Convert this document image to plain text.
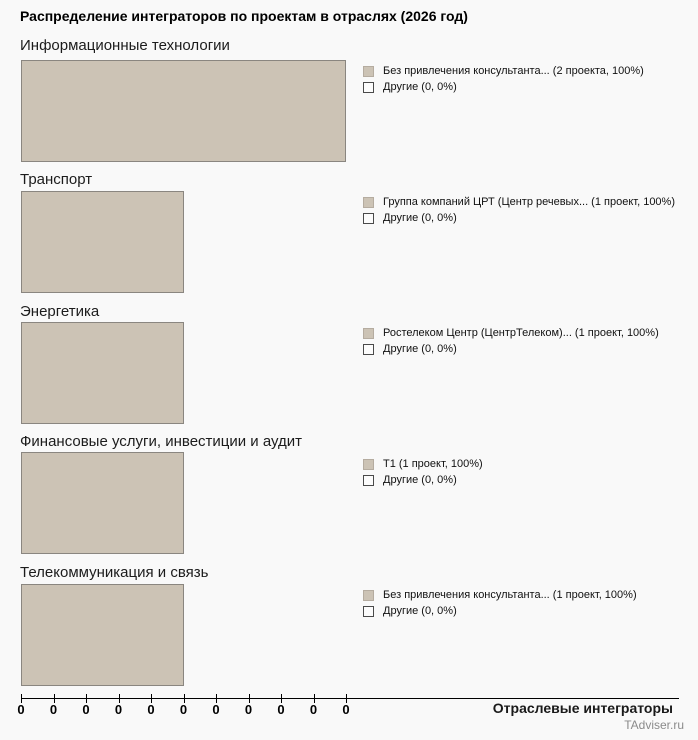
Распределение интеграторов по проектам в отраслях (2026 год)
Информационные технологии
Без привлечения консультанта... (2 проекта, 100%)
Другие (0, 0%)
Транспорт
Группа компаний ЦРТ (Центр речевых... (1 проект, 100%)
Другие (0, 0%)
Энергетика
Ростелеком Центр (ЦентрТелеком)... (1 проект, 100%)
Другие (0, 0%)
Финансовые услуги, инвестиции и аудит
Т1 (1 проект, 100%)
Другие (0, 0%)
Телекоммуникация и связь
Без привлечения консультанта... (1 проект, 100%)
Другие (0, 0%)
0 0 0 0 0 0 0 0 0 0 0	Отраслевые интеграторы
TAdviser.ru
